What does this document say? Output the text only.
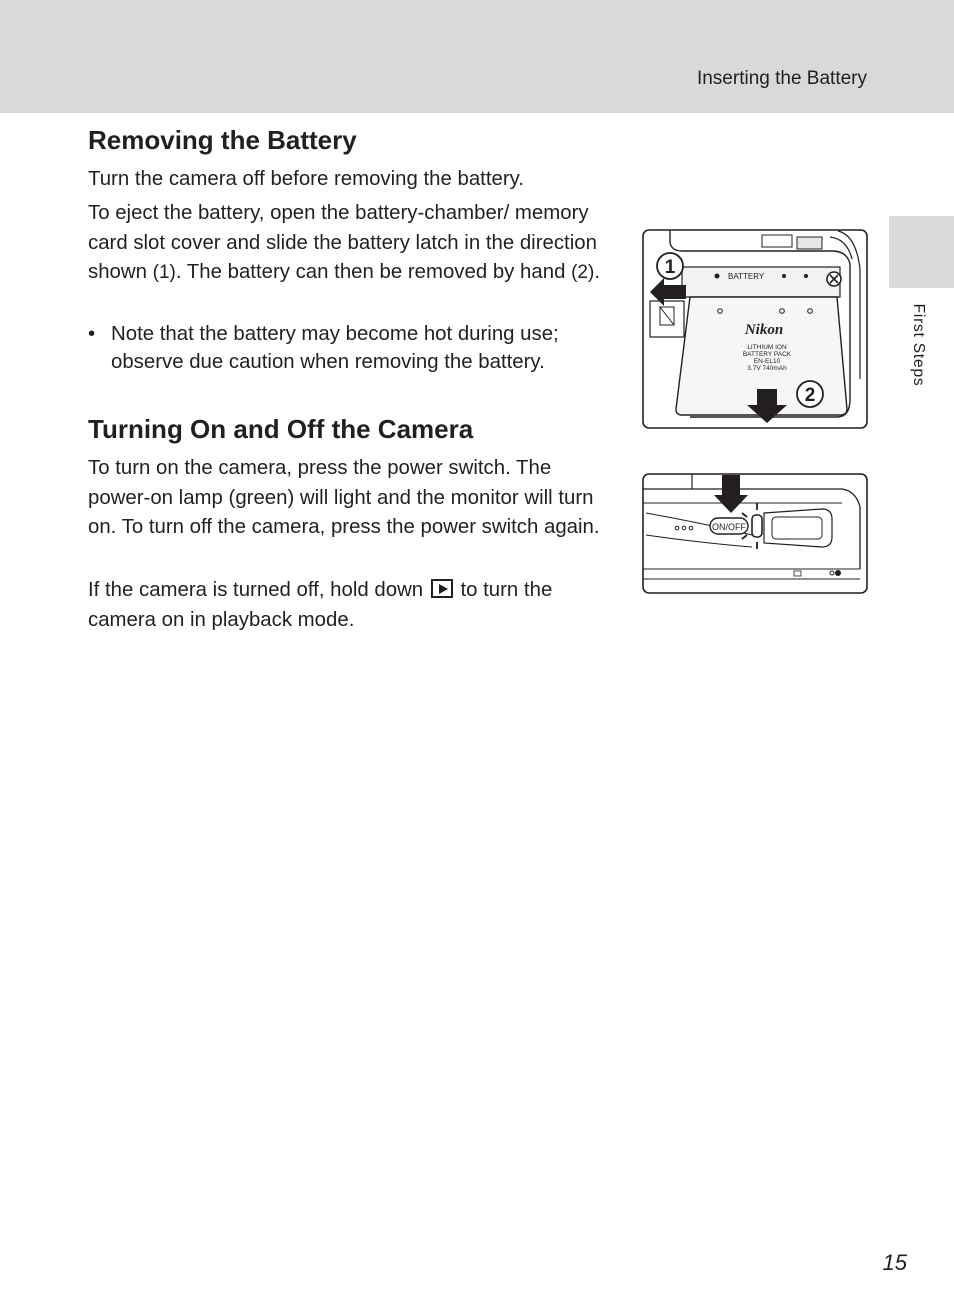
Inserting the Battery
First Steps
Removing the Battery

Turn the camera off before removing the battery.

To eject the battery, open the battery-chamber/ memory card slot cover and slide the battery latch in the direction shown (1). The battery can then be removed by hand (2).

• Note that the battery may become hot during use; observe due caution when removing the battery.
Turning On and Off the Camera

To turn on the camera, press the power switch. The power-on lamp (green) will light and the monitor will turn on. To turn off the camera, press the power switch again.

If the camera is turned off, hold down  to turn the camera on in playback mode.

BATTERY
Nikon
LITHIUM ION
BATTERY PACK
EN-EL10
3.7V 740mAh
1
2
ON/OFF
15
